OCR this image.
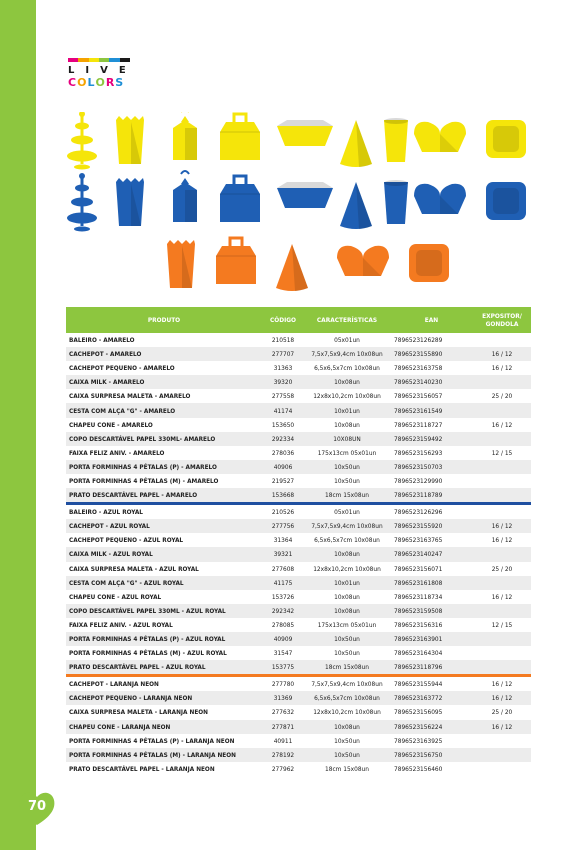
LIVE
COLORS
PRODUTO	CÓDIGO	CARACTERÍSTICAS	EAN	EXPOSITOR/
GONDOLA
BALEIRO - AMARELO	210518	05x01un	7896523126289	
CACHEPOT - AMARELO	277707	7,5x7,5x9,4cm 10x08un	7896523155890	16 / 12
CACHEPOT PEQUENO - AMARELO	31363	6,5x6,5x7cm 10x08un	7896523163758	16 / 12
CAIXA MILK - AMARELO	39320	10x08un	7896523140230	
CAIXA SURPRESA MALETA - AMARELO	277558	12x8x10,2cm 10x08un	7896523156057	25 / 20
CESTA COM ALÇA "G" - AMARELO	41174	10x01un	7896523161549	
CHAPEU CONE - AMARELO	153650	10x08un	7896523118727	16 / 12
COPO DESCARTÁVEL PAPEL 330ML- AMARELO	292334	10X08UN	7896523159492	
FAIXA FELIZ ANIV. - AMARELO	278036	175x13cm 05x01un	7896523156293	12 / 15
PORTA FORMINHAS 4 PÉTALAS (P) - AMARELO	40906	10x50un	7896523150703	
PORTA FORMINHAS 4 PÉTALAS (M) - AMARELO	219527	10x50un	7896523129990	
PRATO DESCARTÁVEL PAPEL - AMARELO	153668	18cm 15x08un	7896523118789	

BALEIRO - AZUL ROYAL	210526	05x01un	7896523126296	
CACHEPOT - AZUL ROYAL	277756	7,5x7,5x9,4cm 10x08un	7896523155920	16 / 12
CACHEPOT PEQUENO - AZUL ROYAL	31364	6,5x6,5x7cm 10x08un	7896523163765	16 / 12
CAIXA MILK - AZUL ROYAL	39321	10x08un	7896523140247	
CAIXA SURPRESA MALETA - AZUL ROYAL	277608	12x8x10,2cm 10x08un	7896523156071	25 / 20
CESTA COM ALÇA "G" - AZUL ROYAL	41175	10x01un	7896523161808	
CHAPEU CONE - AZUL ROYAL	153726	10x08un	7896523118734	16 / 12
COPO DESCARTÁVEL PAPEL 330ML - AZUL ROYAL	292342	10x08un	7896523159508	
FAIXA FELIZ ANIV. - AZUL ROYAL	278085	175x13cm 05x01un	7896523156316	12 / 15
PORTA FORMINHAS 4 PÉTALAS (P) - AZUL ROYAL	40909	10x50un	7896523163901	
PORTA FORMINHAS 4 PÉTALAS (M) - AZUL ROYAL	31547	10x50un	7896523164304	
PRATO DESCARTÁVEL PAPEL - AZUL ROYAL	153775	18cm 15x08un	7896523118796	

CACHEPOT - LARANJA NEON	277780	7,5x7,5x9,4cm 10x08un	7896523155944	16 / 12
CACHEPOT PEQUENO - LARANJA NEON	31369	6,5x6,5x7cm 10x08un	7896523163772	16 / 12
CAIXA SURPRESA MALETA - LARANJA NEON	277632	12x8x10,2cm 10x08un	7896523156095	25 / 20
CHAPEU CONE - LARANJA NEON	277871	10x08un	7896523156224	16 / 12
PORTA FORMINHAS 4 PÉTALAS (P) - LARANJA NEON	40911	10x50un	7896523163925	
PORTA FORMINHAS 4 PÉTALAS (M) - LARANJA NEON	278192	10x50un	7896523156750	
PRATO DESCARTÁVEL PAPEL - LARANJA NEON	277962	18cm 15x08un	7896523156460	
70
